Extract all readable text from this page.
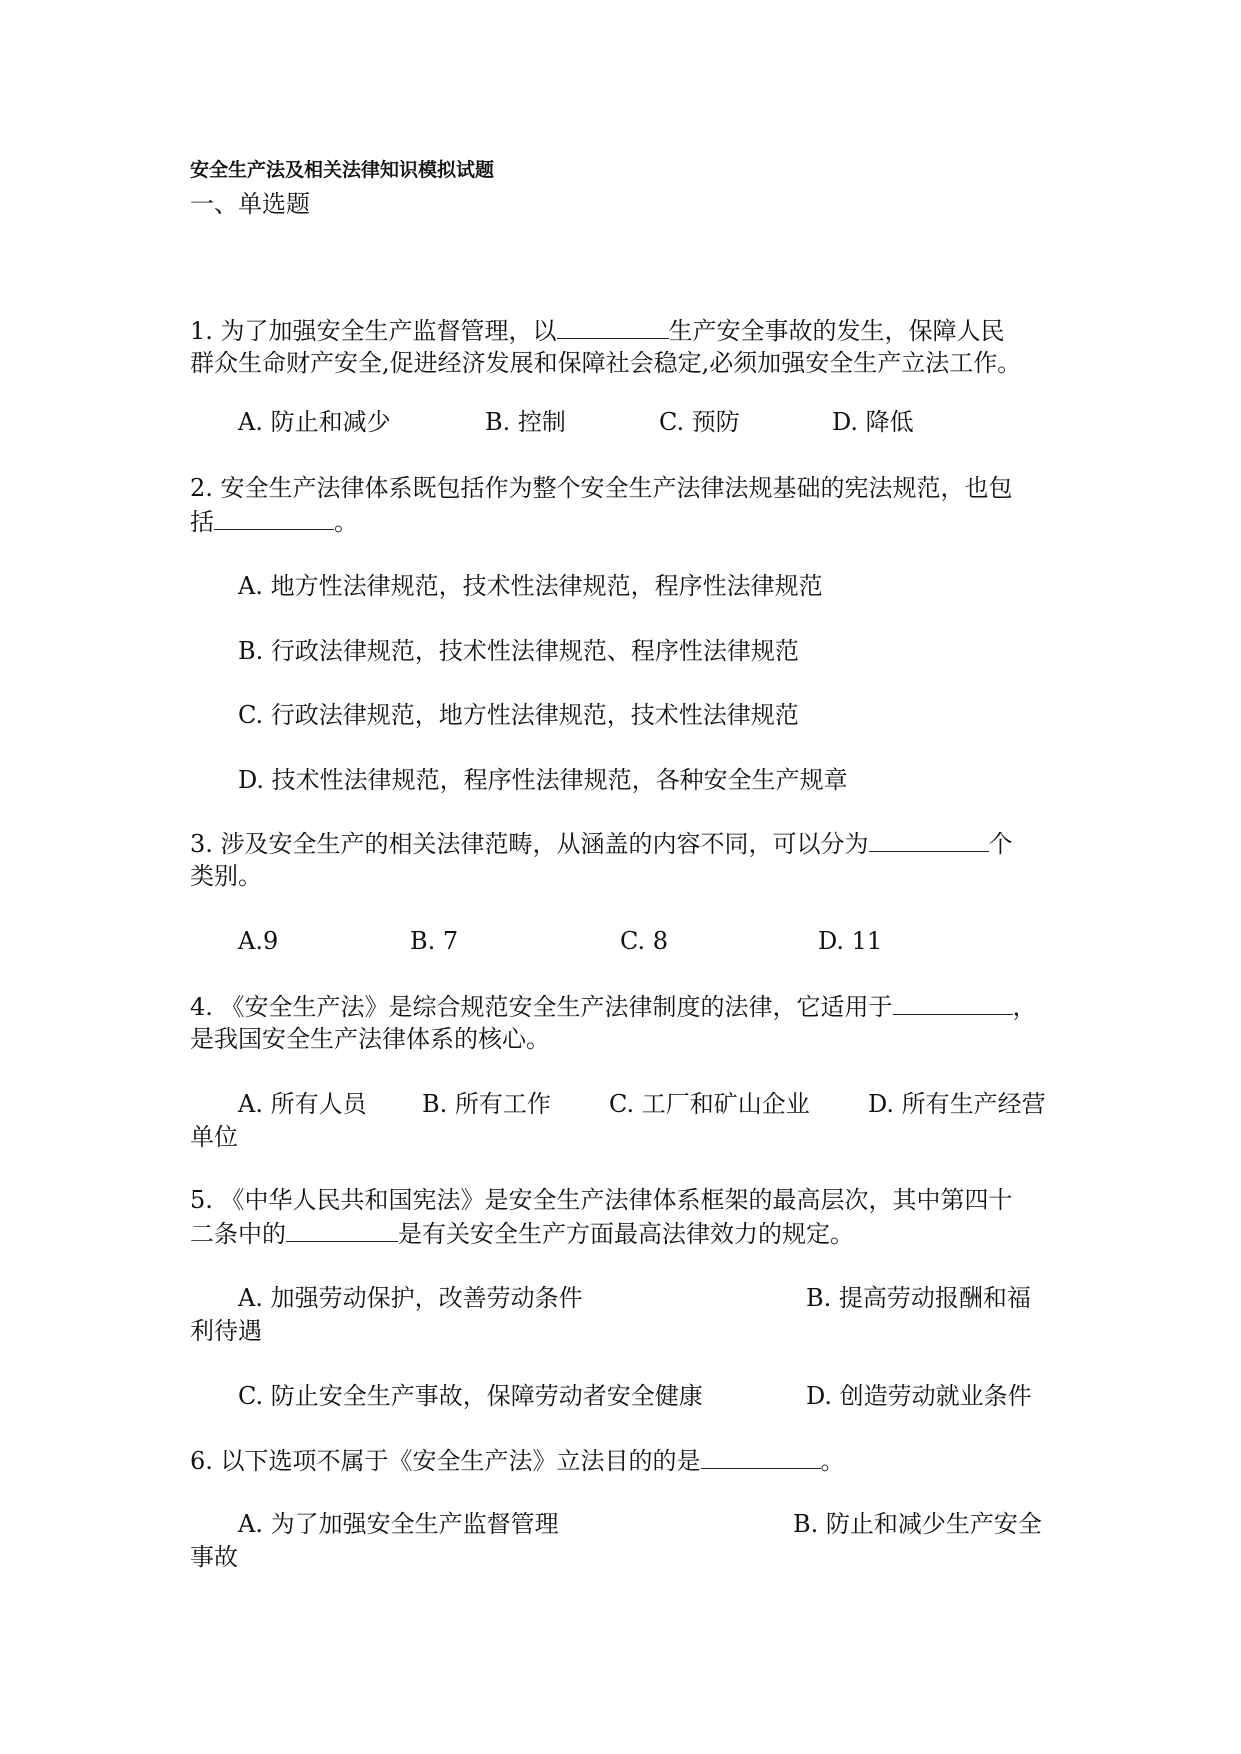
安全生产法及相关法律知识模拟试题
一、单选题
1. 为了加强安全生产监督管理，以	生产安全事故的发生，保障人民
群众生命财产安全,促进经济发展和保障社会稳定,必须加强安全生产立法工作。
A. 防止和减少	B. 控制	C. 预防	D. 降低
2. 安全生产法律体系既包括作为整个安全生产法律法规基础的宪法规范，也包
括	。
A. 地方性法律规范，技术性法律规范，程序性法律规范
B. 行政法律规范，技术性法律规范、程序性法律规范
C. 行政法律规范，地方性法律规范，技术性法律规范
D. 技术性法律规范，程序性法律规范，各种安全生产规章
3. 涉及安全生产的相关法律范畴，从涵盖的内容不同，可以分为	个
类别。
A.9	B. 7	C. 8	D. 11
4. 《安全生产法》是综合规范安全生产法律制度的法律，它适用于	，
是我国安全生产法律体系的核心。
A. 所有人员 B. 所有工作 C. 工厂和矿山企业 D. 所有生产经营
单位
5. 《中华人民共和国宪法》是安全生产法律体系框架的最高层次，其中第四十
二条中的	是有关安全生产方面最高法律效力的规定。
A. 加强劳动保护，改善劳动条件	B. 提高劳动报酬和福
利待遇
C. 防止安全生产事故，保障劳动者安全健康	D. 创造劳动就业条件
6. 以下选项不属于《安全生产法》立法目的的是	。
A. 为了加强安全生产监督管理	B. 防止和减少生产安全
事故
